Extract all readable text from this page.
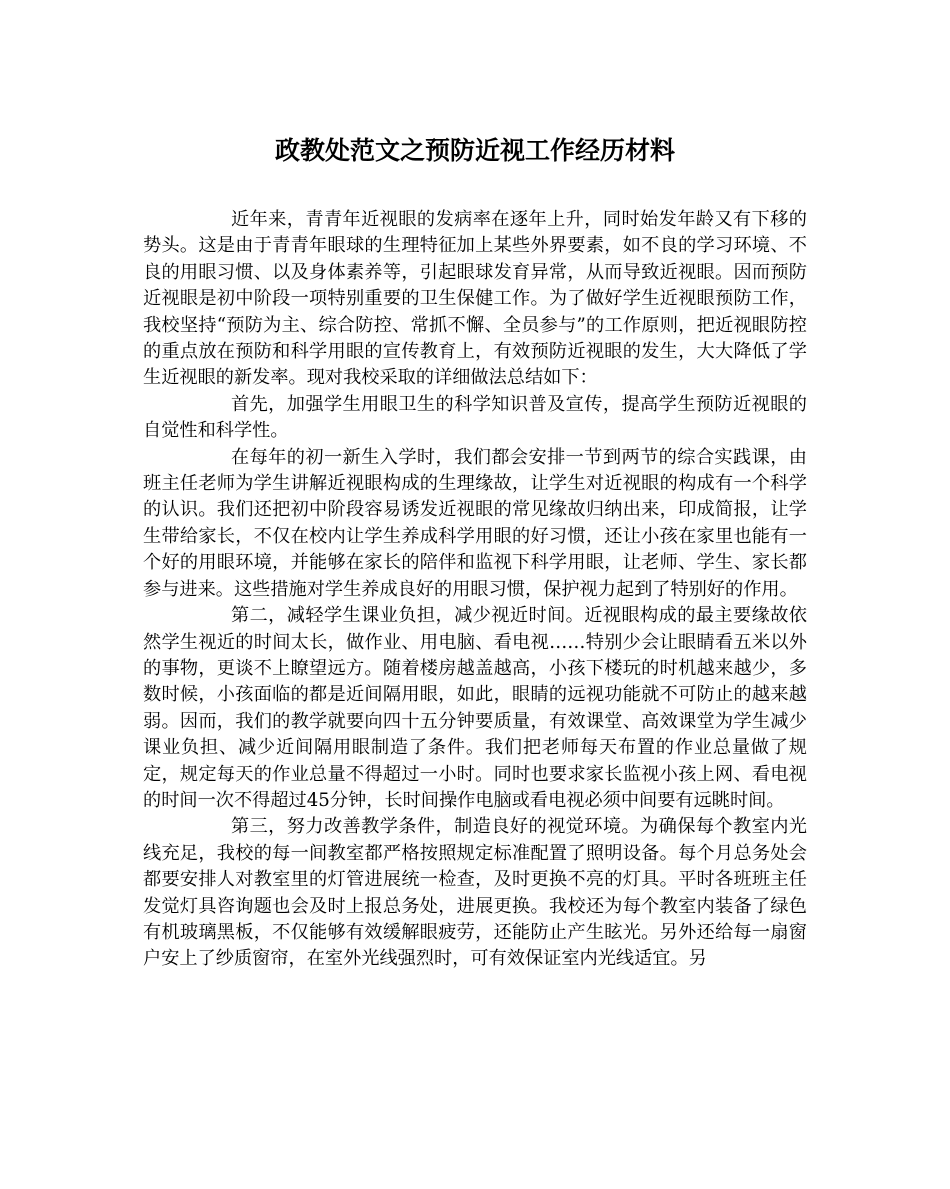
政教处范文之预防近视工作经历材料

近年来，青青年近视眼的发病率在逐年上升，同时始发年龄又有下移的势头。这是由于青青年眼球的生理特征加上某些外界要素，如不良的学习环境、不良的用眼习惯、以及身体素养等，引起眼球发育异常，从而导致近视眼。因而预防近视眼是初中阶段一项特别重要的卫生保健工作。为了做好学生近视眼预防工作，我校坚持“预防为主、综合防控、常抓不懈、全员参与”的工作原则，把近视眼防控的重点放在预防和科学用眼的宣传教育上，有效预防近视眼的发生，大大降低了学生近视眼的新发率。现对我校采取的详细做法总结如下：

首先，加强学生用眼卫生的科学知识普及宣传，提高学生预防近视眼的自觉性和科学性。

在每年的初一新生入学时，我们都会安排一节到两节的综合实践课，由班主任老师为学生讲解近视眼构成的生理缘故，让学生对近视眼的构成有一个科学的认识。我们还把初中阶段容易诱发近视眼的常见缘故归纳出来，印成简报，让学生带给家长，不仅在校内让学生养成科学用眼的好习惯，还让小孩在家里也能有一个好的用眼环境，并能够在家长的陪伴和监视下科学用眼，让老师、学生、家长都参与进来。这些措施对学生养成良好的用眼习惯，保护视力起到了特别好的作用。

第二，减轻学生课业负担，减少视近时间。近视眼构成的最主要缘故依然学生视近的时间太长，做作业、用电脑、看电视……特别少会让眼睛看五米以外的事物，更谈不上瞭望远方。随着楼房越盖越高，小孩下楼玩的时机越来越少，多数时候，小孩面临的都是近间隔用眼，如此，眼睛的远视功能就不可防止的越来越弱。因而，我们的教学就要向四十五分钟要质量，有效课堂、高效课堂为学生减少课业负担、减少近间隔用眼制造了条件。我们把老师每天布置的作业总量做了规定，规定每天的作业总量不得超过一小时。同时也要求家长监视小孩上网、看电视的时间一次不得超过45分钟，长时间操作电脑或看电视必须中间要有远眺时间。

第三，努力改善教学条件，制造良好的视觉环境。为确保每个教室内光线充足，我校的每一间教室都严格按照规定标准配置了照明设备。每个月总务处会都要安排人对教室里的灯管进展统一检查，及时更换不亮的灯具。平时各班班主任发觉灯具咨询题也会及时上报总务处，进展更换。我校还为每个教室内装备了绿色有机玻璃黑板，不仅能够有效缓解眼疲劳，还能防止产生眩光。另外还给每一扇窗户安上了纱质窗帘，在室外光线强烈时，可有效保证室内光线适宜。另
